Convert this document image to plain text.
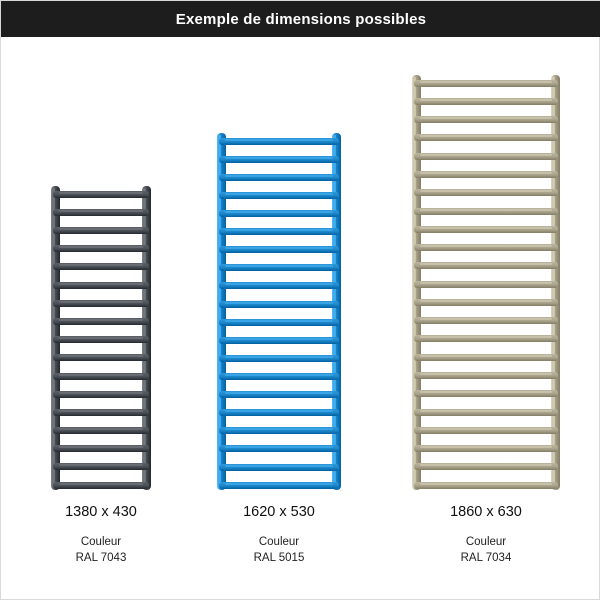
Exemple de dimensions possibles
1380 x 430
Couleur
RAL 7043
1620 x 530
Couleur
RAL 5015
1860 x 630
Couleur
RAL 7034
